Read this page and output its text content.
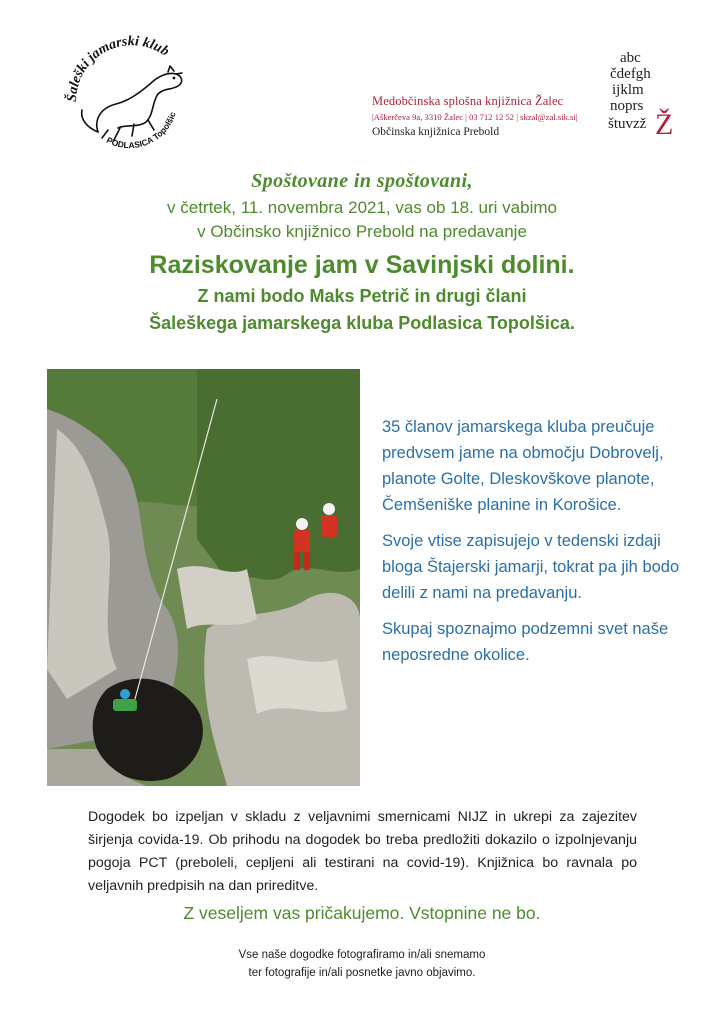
Šaleški jamarski klub
PODLASICA Topolšic
Medobčinska splošna knjižnica Žalec
|Aškerčeva 9a, 3310 Žalec | 03 712 12 52 | skzal@zal.sik.si|
Občinska knjižnica Prebold
abc
čdefgh
ijklm
noprs
štuvzž Ž
Spoštovane in spoštovani,
v četrtek, 11. novembra 2021, vas ob 18. uri vabimo
v Občinsko knjižnico Prebold na predavanje
Raziskovanje jam v Savinjski dolini.
Z nami bodo Maks Petrič in drugi člani
Šaleškega jamarskega kluba Podlasica Topolšica.

35 članov jamarskega kluba preučuje predvsem jame na območju Dobrovelj, planote Golte, Dleskovškove planote, Čemšeniške planine in Korošice.

Svoje vtise zapisujejo v tedenski izdaji bloga Štajerski jamarji, tokrat pa jih bodo delili z nami na predavanju.

Skupaj spoznajmo podzemni svet naše neposredne okolice.

Dogodek bo izpeljan v skladu z veljavnimi smernicami NIJZ in ukrepi za zajezitev širjenja covida-19. Ob prihodu na dogodek bo treba predložiti dokazilo o izpolnjevanju pogoja PCT (preboleli, cepljeni ali testirani na covid-19). Knjižnica bo ravnala po veljavnih predpisih na dan prireditve.
Z veseljem vas pričakujemo. Vstopnine ne bo.
Vse naše dogodke fotografiramo in/ali snemamo
ter fotografije in/ali posnetke javno objavimo.
